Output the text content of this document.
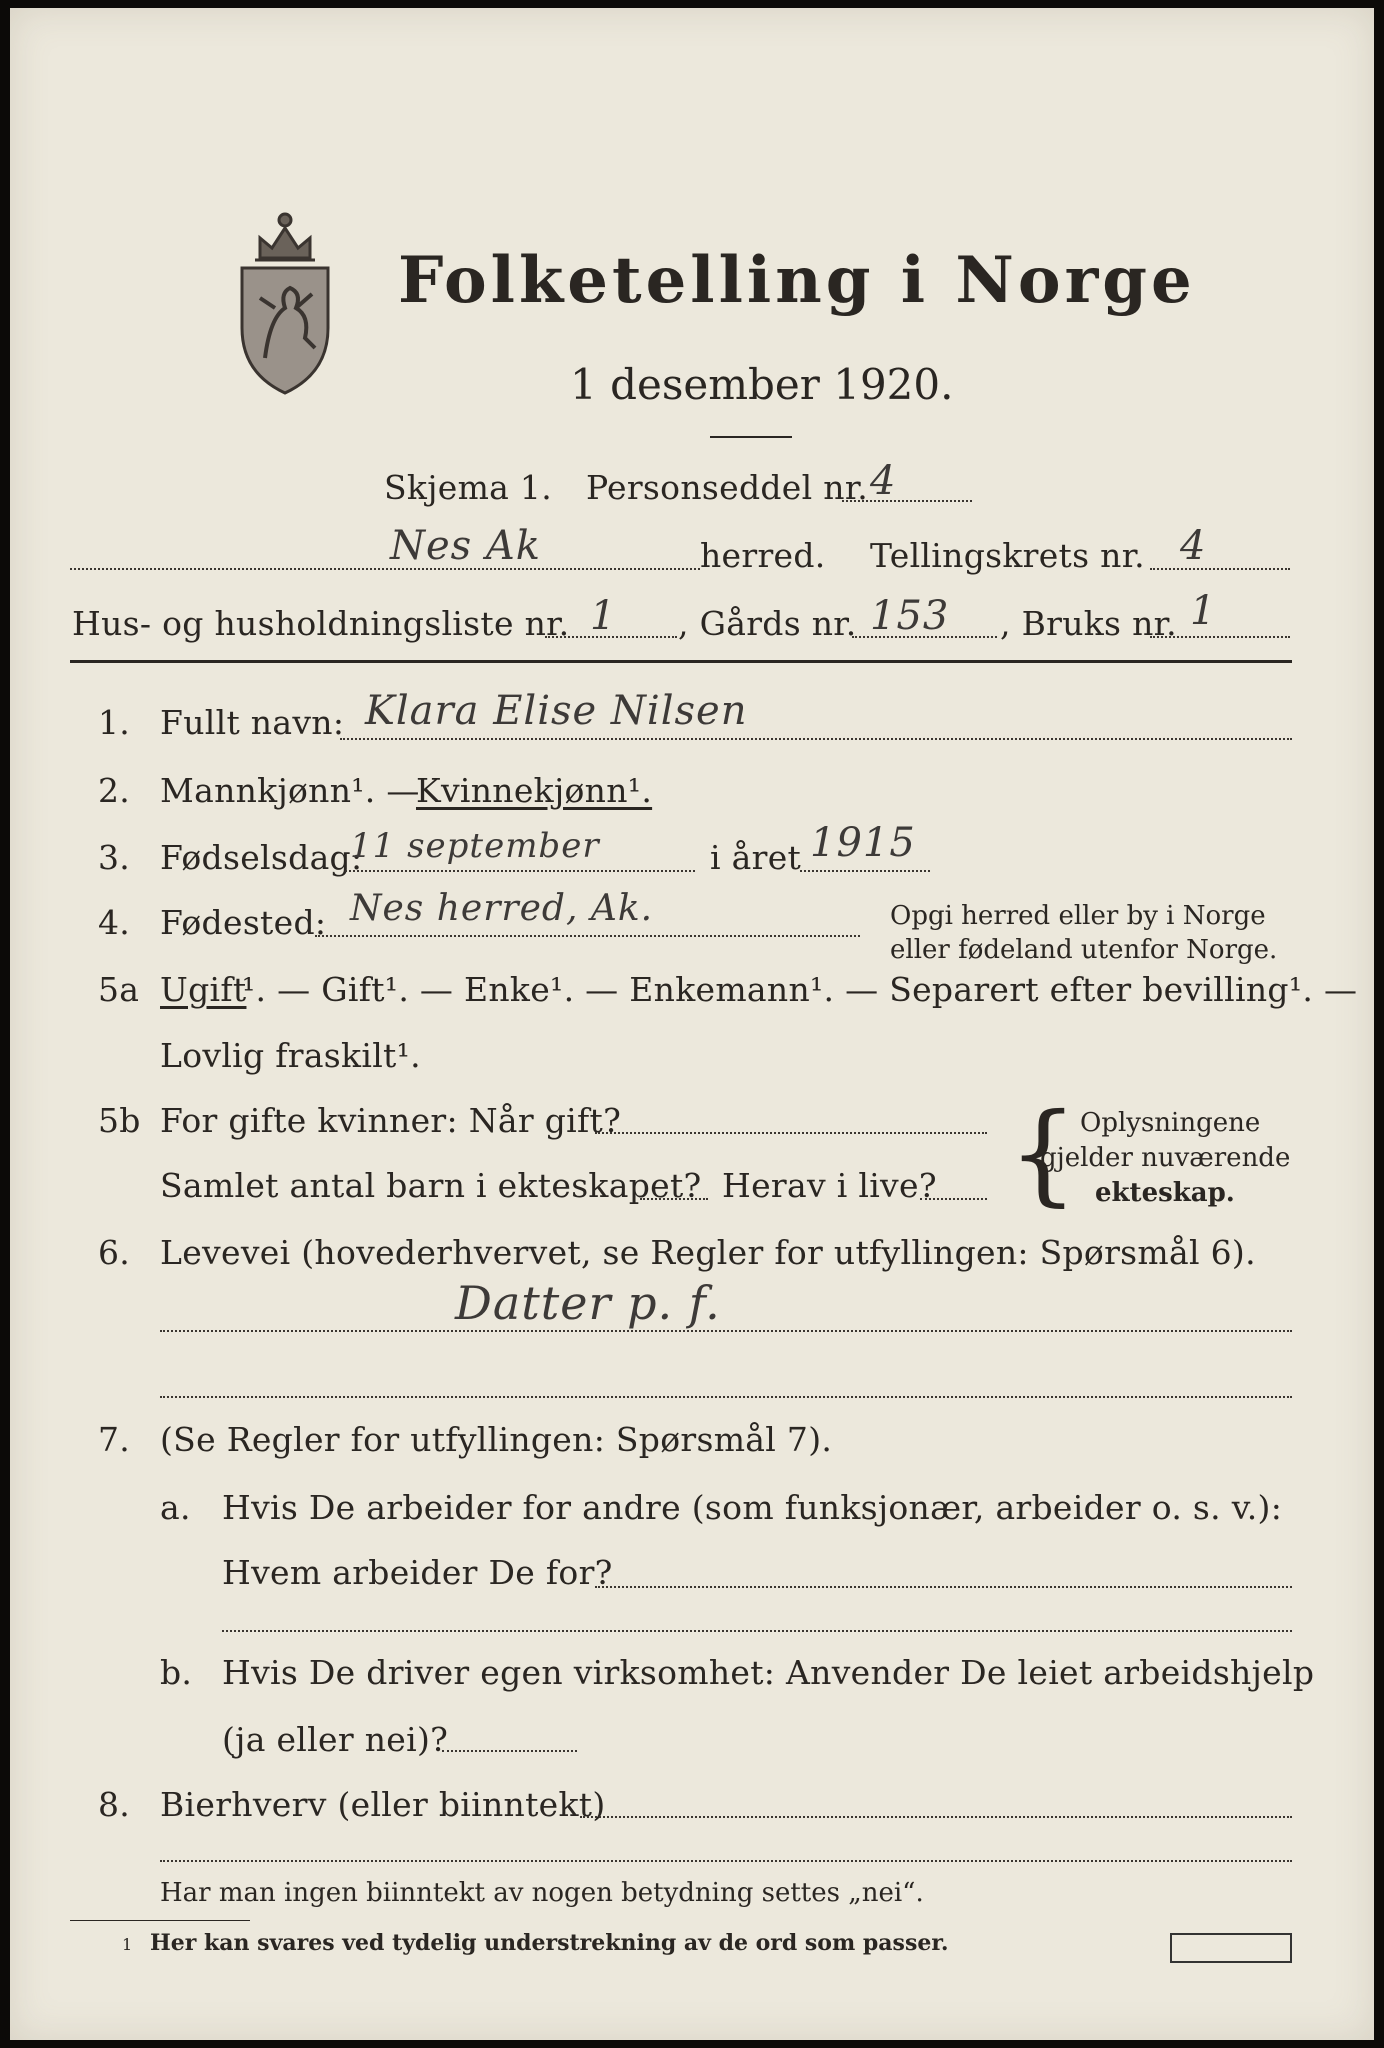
Folketelling i Norge
1 desember 1920.
Skjema 1. Personseddel nr. 4
Nes Ak	herred. Tellingskrets nr. 4
Hus- og husholdningsliste nr. 1 , Gårds nr. 153 , Bruks nr. 1
1. Fullt navn: Klara Elise Nilsen
2. Mannkjønn¹. —
Kvinnekjønn¹.
3. Fødselsdag:
11 september	i året 1915
4. Fødested: Nes herred, Ak.	Opgi herred eller by i Norge
eller fødeland utenfor Norge.
5a Ugift
¹. — Gift¹. — Enke¹. — Enkemann¹. — Separert efter bevilling¹. —
Lovlig fraskilt¹.
5b For gifte kvinner: Når gift?
Samlet antal barn i ekteskapet? Herav i live? { Oplysningene
gjelder nuværende
ekteskap.
6. Levevei (hovederhvervet, se Regler for utfyllingen: Spørsmål 6).
Datter p. f.
7. (Se Regler for utfyllingen: Spørsmål 7).
a. Hvis De arbeider for andre (som funksjonær, arbeider o. s. v.):
Hvem arbeider De for?
b. Hvis De driver egen virksomhet: Anvender De leiet arbeidshjelp
(ja eller nei)?
8. Bierhverv (eller biinntekt)
Har man ingen biinntekt av nogen betydning settes „nei“.
1 Her kan svares ved tydelig understrekning av de ord som passer.
